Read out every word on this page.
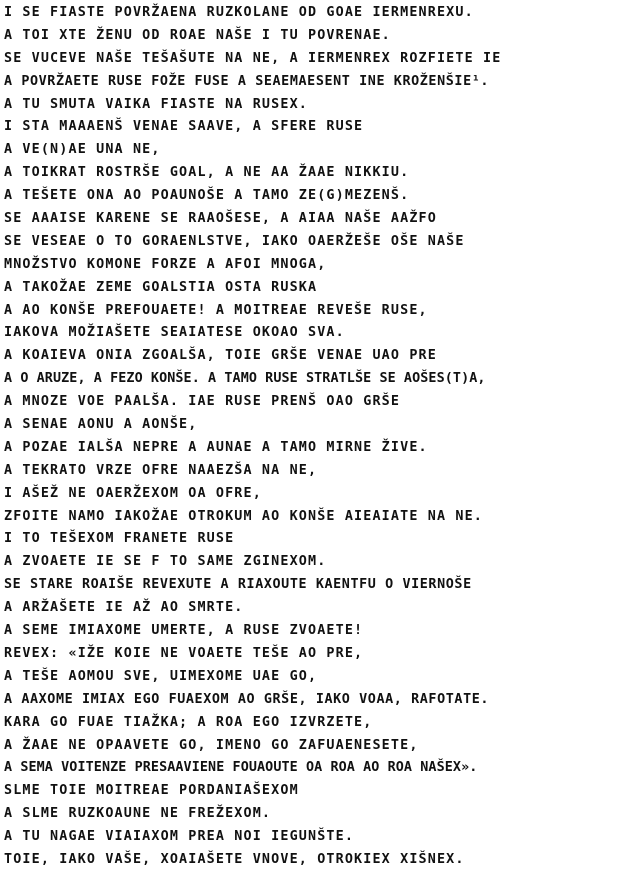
I SE FIASTE POVRŽAENA RUZKOLANE OD GOAE IERMENREXU.
A TOI XTE ŽENU OD ROAE NAŠE I TU POVRENAE.
SE VUCEVE NAŠE TEŠAŠUTE NA NE, A IERMENREX ROZFIETE IE
A POVRŽAETE RUSE FOŽE FUSE A SEAEMAESENT INE KROŽENŠIE¹.
A TU SMUTA VAIKA FIASTE NA RUSEX.
I STA MAAAENŠ VENAE SAAVE, A SFERE RUSE
A VE(N)AE UNA NE,
A TOIKRAT ROSTRŠE GOAL, A NE AA ŽAAE NIKKIU.
A TEŠETE ONA AO POAUNOŠE A TAMO ZE(G)MEZENŠ.
SE AAAISE KARENE SE RAAOŠESE, A AIAA NAŠE AAŽFO
SE VESEAE O TO GORAENLSTVE, IAKO OAERŽEŠE OŠE NAŠE
MNOŽSTVO KOMONE FORZE A AFOI MNOGA,
A TAKOŽAE ZEME GOALSTIA OSTA RUSKA
A AO KONŠE PREFOUAETE! A MOITREAE REVEŠE RUSE,
IAKOVA MOŽIAŠETE SEAIATESE OKOAO SVA.
A KOAIEVA ONIA ZGOALŠA, TOIE GRŠE VENAE UAO PRE
A O ARUZE, A FEZO KONŠE. A TAMO RUSE STRATLŠE SE AOŠES(T)A,
A MNOZE VOE PAALŠA. IAE RUSE PRENŠ OAO GRŠE
A SENAE AONU A AONŠE,
A POZAE IALŠA NEPRE A AUNAE A TAMO MIRNE ŽIVE.
A TEKRATO VRZE OFRE NAAEZŠA NA NE,
I AŠEŽ NE OAERŽEXOM OA OFRE,
ZFOITE NAMO IAKOŽAE OTROKUM AO KONŠE AIEAIATE NA NE.
I TO TEŠEXOM FRANETE RUSE
A ZVOAETE IE SE F TO SAME ZGINEXOM.
SE STARE ROAIŠE REVEXUTE A RIAXOUTE KAENTFU O VIERNOŠE
A ARŽAŠETE IE AŽ AO SMRTE.
A SEME IMIAXOME UMERTE, A RUSE ZVOAETE!
REVEX: «IŽE KOIE NE VOAETE TEŠE AO PRE,
A TEŠE AOMOU SVE, UIMEXOME UAE GO,
A AAXOME IMIAX EGO FUAEXOM AO GRŠE, IAKO VOAA, RAFOTATE.
KARA GO FUAE TIAŽKA; A ROA EGO IZVRZETE,
A ŽAAE NE OPAAVETE GO, IMENO GO ZAFUAENESETE,
A SEMA VOITENZE PRESAAVIENE FOUAOUTE OA ROA AO ROA NAŠEX».
SLME TOIE MOITREAE PORDANIAŠEXOM
A SLME RUZKOAUNE NE FREŽEXOM.
A TU NAGAE VIAIAXOM PREA NOI IEGUNŠTE.
TOIE, IAKO VAŠE, XOAIAŠETE VNOVE, OTROKIEX XIŠNEX.
